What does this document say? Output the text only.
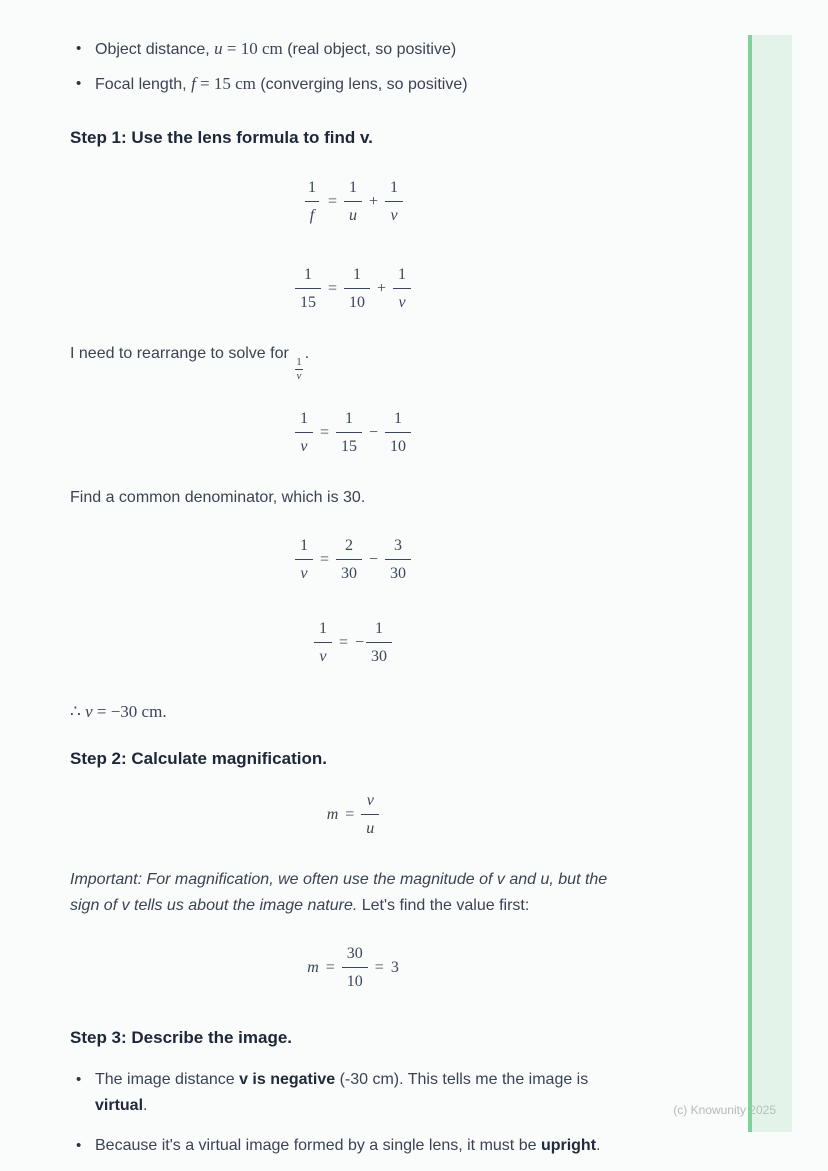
• Object distance, u = 10 cm (real object, so positive)
• Focal length, f = 15 cm (converging lens, so positive)
Step 1: Use the lens formula to find v.
$\frac{1}{f} = \frac{1}{u} + \frac{1}{v}$
$\frac{1}{15} = \frac{1}{10} + \frac{1}{v}$

I need to rearrange to solve for
$\frac{1}{v}$
.

$\frac{1}{v} = \frac{1}{15} - \frac{1}{10}$

Find a common denominator, which is 30.

$\frac{1}{v} = \frac{2}{30} - \frac{3}{30}$
$\frac{1}{v}$ = − $\frac{1}{30}$

∴ v = −30 cm.

Step 2: Calculate magnification.
$m = \frac{v}{u}$

Important: For magnification, we often use the magnitude of v and u, but the sign of v tells us about the image nature. Let's find the value first:

$m = \frac{30}{10} = 3$
Step 3: Describe the image.
• The image distance v is negative (-30 cm). This tells me the image is virtual.
• Because it's a virtual image formed by a single lens, it must be upright.
(c) Knowunity 2025
